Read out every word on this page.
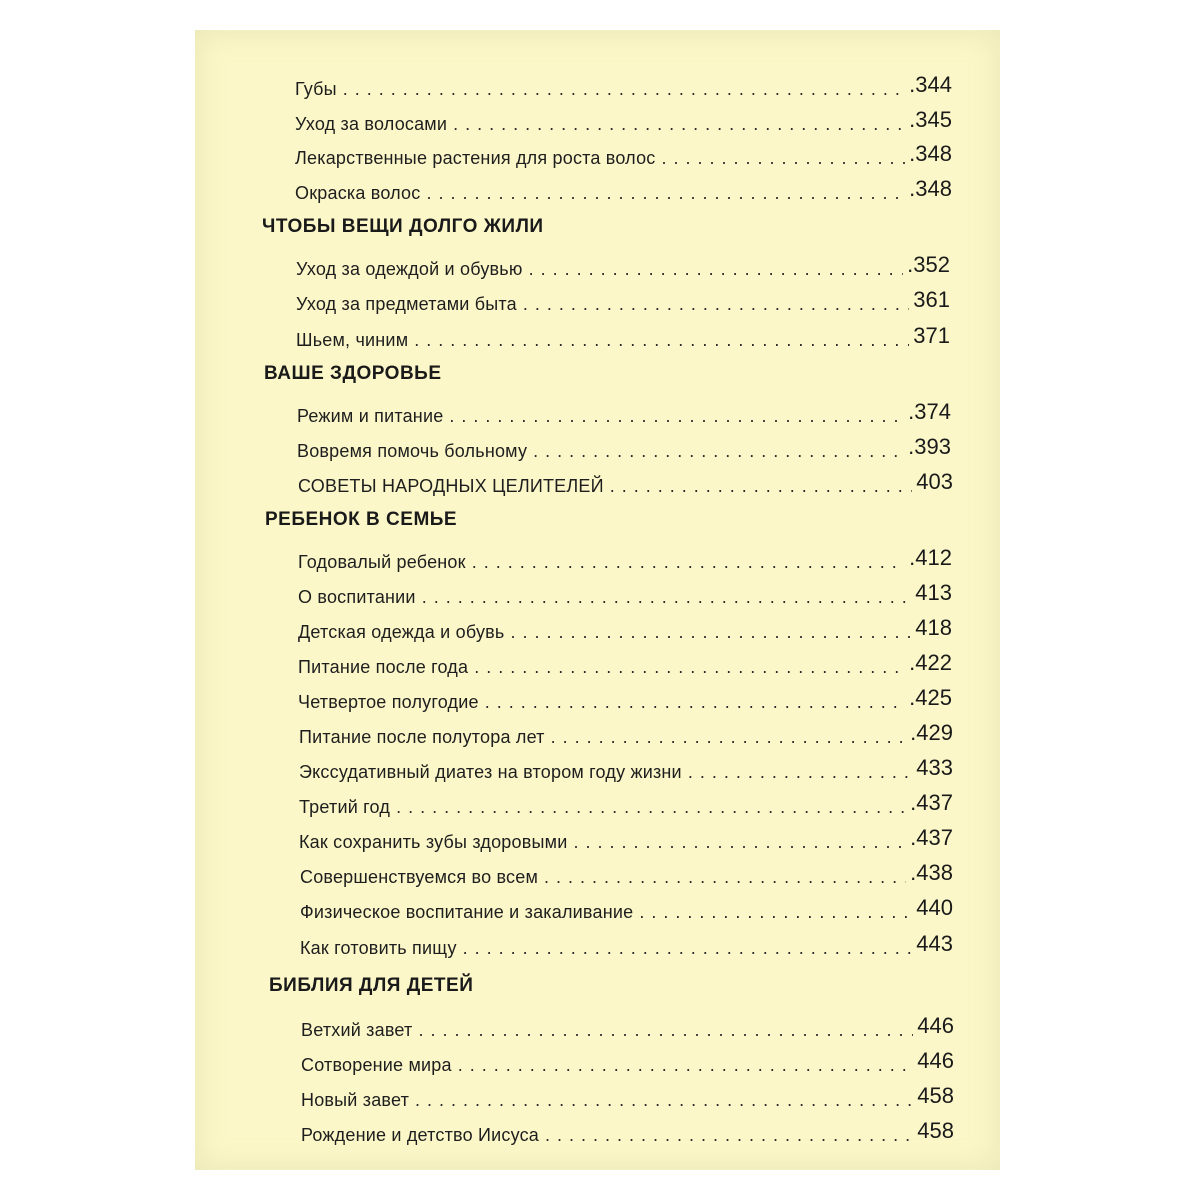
Губы . . .	.344
Уход за волосами . . .	.345
Лекарственные растения для роста волос . . .	.348
Окраска волос . . .	.348
ЧТОБЫ ВЕЩИ ДОЛГО ЖИЛИ
Уход за одеждой и обувью . . .	.352
Уход за предметами быта . . .	361
Шьем, чиним . . .	371
ВАШЕ ЗДОРОВЬЕ
Режим и питание . . .	.374
Вовремя помочь больному . . .	.393
СОВЕТЫ НАРОДНЫХ ЦЕЛИТЕЛЕЙ . . .	403
РЕБЕНОК В СЕМЬЕ
Годовалый ребенок . . .	.412
О воспитании . . .	413
Детская одежда и обувь . . .	418
Питание после года . . .	.422
Четвертое полугодие . . .	.425
Питание после полутора лет . . .	.429
Экссудативный диатез на втором году жизни . . .	433
Третий год . . .	.437
Как сохранить зубы здоровыми . . .	.437
Совершенствуемся во всем . . .	.438
Физическое воспитание и закаливание . . .	440
Как готовить пищу . . .	443
БИБЛИЯ ДЛЯ ДЕТЕЙ
Ветхий завет . . .	446
Сотворение мира . . .	446
Новый завет . . .	458
Рождение и детство Иисуса . . .	458
